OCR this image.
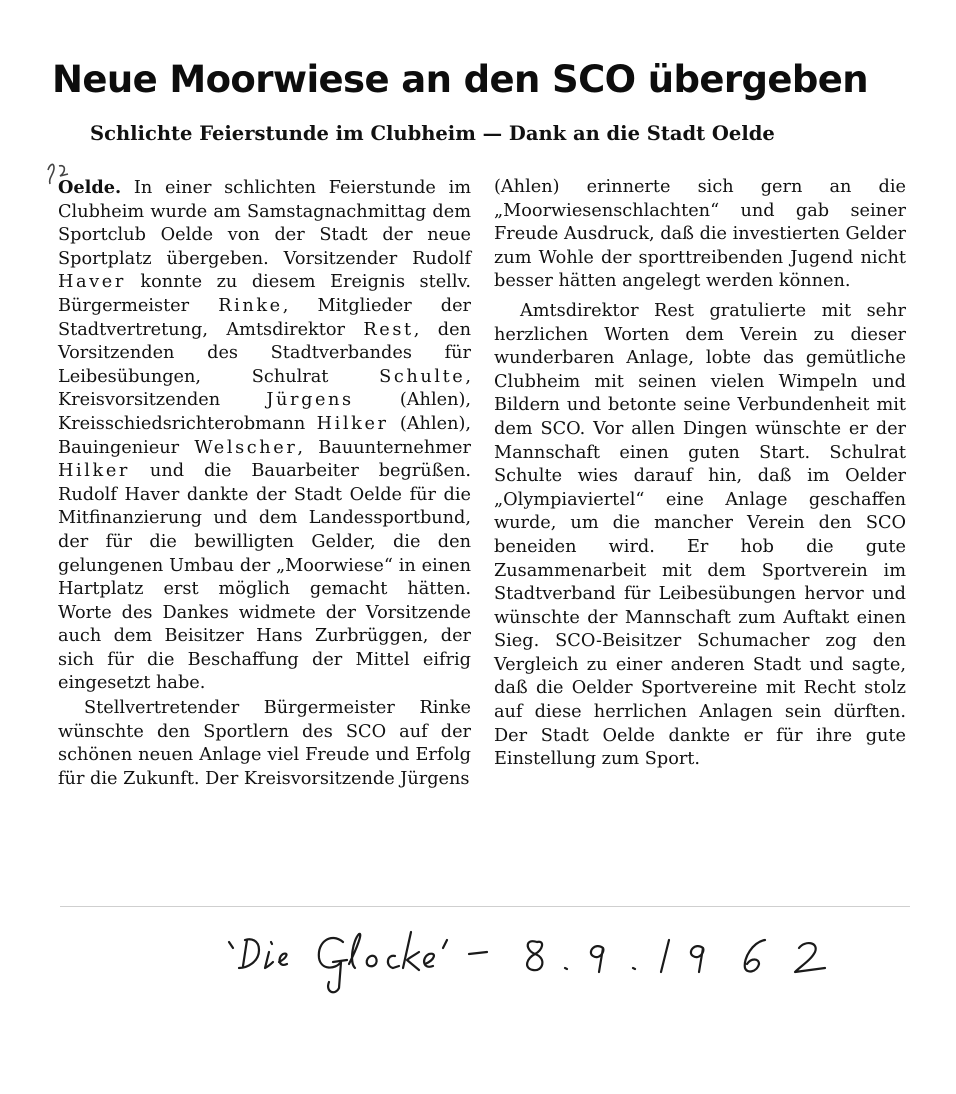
Neue Moorwiese an den SCO übergeben
Schlichte Feierstunde im Clubheim — Dank an die Stadt Oelde

Oelde. In einer schlichten Feierstunde im Clubheim wurde am Samstagnachmittag dem Sportclub Oelde von der Stadt der neue Sportplatz übergeben. Vorsitzender Rudolf Haver konnte zu diesem Ereignis stellv. Bürgermeister Rinke, Mitglieder der Stadtvertretung, Amtsdirektor Rest, den Vorsitzenden des Stadtverbandes für Leibesübungen, Schulrat Schulte, Kreisvorsitzenden Jürgens (Ahlen), Kreisschiedsrichterobmann Hilker (Ahlen), Bauingenieur Welscher, Bauunternehmer Hilker und die Bauarbeiter begrüßen. Rudolf Haver dankte der Stadt Oelde für die Mitfinanzierung und dem Landessportbund, der für die bewilligten Gelder, die den gelungenen Umbau der „Moorwiese“ in einen Hartplatz erst möglich gemacht hätten. Worte des Dankes widmete der Vorsitzende auch dem Beisitzer Hans Zurbrüggen, der sich für die Beschaffung der Mittel eifrig eingesetzt habe.

Stellvertretender Bürgermeister Rinke wünschte den Sportlern des SCO auf der schönen neuen Anlage viel Freude und Erfolg für die Zukunft. Der Kreisvorsitzende Jürgens

(Ahlen) erinnerte sich gern an die „Moorwiesenschlachten“ und gab seiner Freude Ausdruck, daß die investierten Gelder zum Wohle der sporttreibenden Jugend nicht besser hätten angelegt werden können.

Amtsdirektor Rest gratulierte mit sehr herzlichen Worten dem Verein zu dieser wunderbaren Anlage, lobte das gemütliche Clubheim mit seinen vielen Wimpeln und Bildern und betonte seine Verbundenheit mit dem SCO. Vor allen Dingen wünschte er der Mannschaft einen guten Start. Schulrat Schulte wies darauf hin, daß im Oelder „Olympiaviertel“ eine Anlage geschaffen wurde, um die mancher Verein den SCO beneiden wird. Er hob die gute Zusammenarbeit mit dem Sportverein im Stadtverband für Leibesübungen hervor und wünschte der Mannschaft zum Auftakt einen Sieg. SCO-Beisitzer Schumacher zog den Vergleich zu einer anderen Stadt und sagte, daß die Oelder Sportvereine mit Recht stolz auf diese herrlichen Anlagen sein dürften. Der Stadt Oelde dankte er für ihre gute Einstellung zum Sport.
